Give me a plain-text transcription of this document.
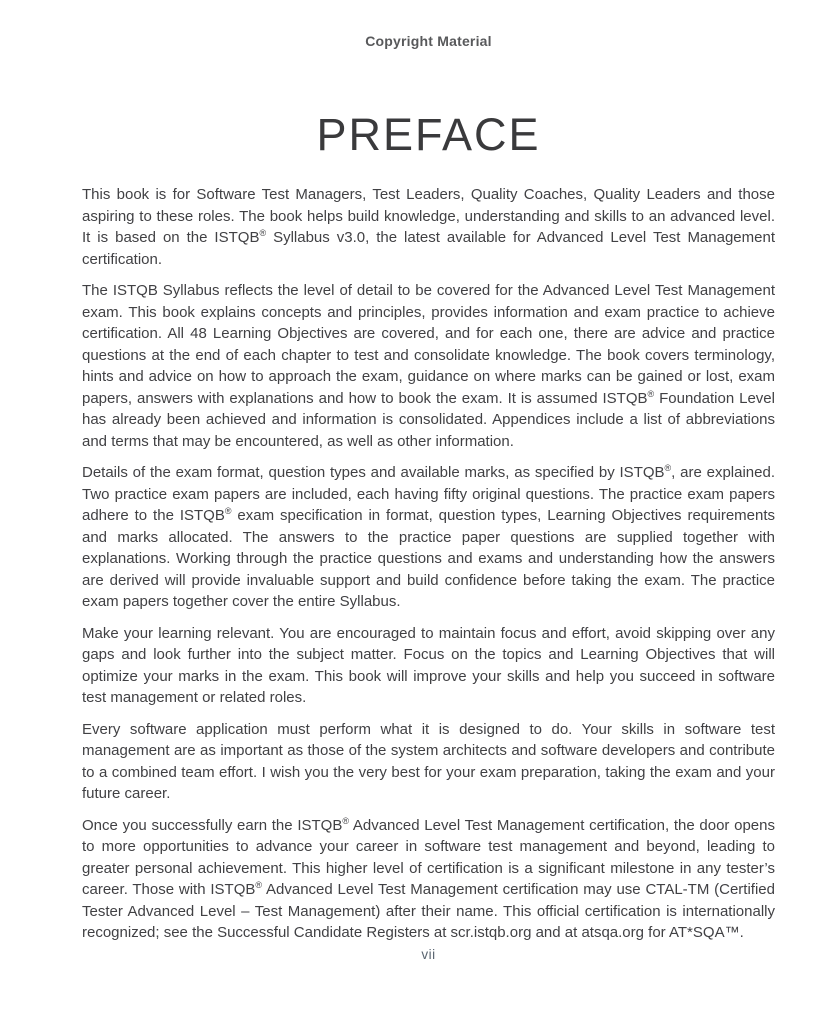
Copyright Material
PREFACE

This book is for Software Test Managers, Test Leaders, Quality Coaches, Quality Leaders and those aspiring to these roles. The book helps build knowledge, understanding and skills to an advanced level. It is based on the ISTQB® Syllabus v3.0, the latest available for Advanced Level Test Management certification.

The ISTQB Syllabus reflects the level of detail to be covered for the Advanced Level Test Management exam. This book explains concepts and principles, provides information and exam practice to achieve certification. All 48 Learning Objectives are covered, and for each one, there are advice and practice questions at the end of each chapter to test and consolidate knowledge. The book covers terminology, hints and advice on how to approach the exam, guidance on where marks can be gained or lost, exam papers, answers with explanations and how to book the exam. It is assumed ISTQB® Foundation Level has already been achieved and information is consolidated. Appendices include a list of abbreviations and terms that may be encountered, as well as other information.

Details of the exam format, question types and available marks, as specified by ISTQB®, are explained. Two practice exam papers are included, each having fifty original questions. The practice exam papers adhere to the ISTQB® exam specification in format, question types, Learning Objectives requirements and marks allocated. The answers to the practice paper questions are supplied together with explanations. Working through the practice questions and exams and understanding how the answers are derived will provide invaluable support and build confidence before taking the exam. The practice exam papers together cover the entire Syllabus.

Make your learning relevant. You are encouraged to maintain focus and effort, avoid skipping over any gaps and look further into the subject matter. Focus on the topics and Learning Objectives that will optimize your marks in the exam. This book will improve your skills and help you succeed in software test management or related roles.

Every software application must perform what it is designed to do. Your skills in software test management are as important as those of the system architects and software developers and contribute to a combined team effort. I wish you the very best for your exam preparation, taking the exam and your future career.

Once you successfully earn the ISTQB® Advanced Level Test Management certification, the door opens to more opportunities to advance your career in software test management and beyond, leading to greater personal achievement. This higher level of certification is a significant milestone in any tester’s career. Those with ISTQB® Advanced Level Test Management certification may use CTAL-TM (Certified Tester Advanced Level – Test Management) after their name. This official certification is internationally recognized; see the Successful Candidate Registers at scr.istqb.org and at atsqa.org for AT*SQA™.

vii
